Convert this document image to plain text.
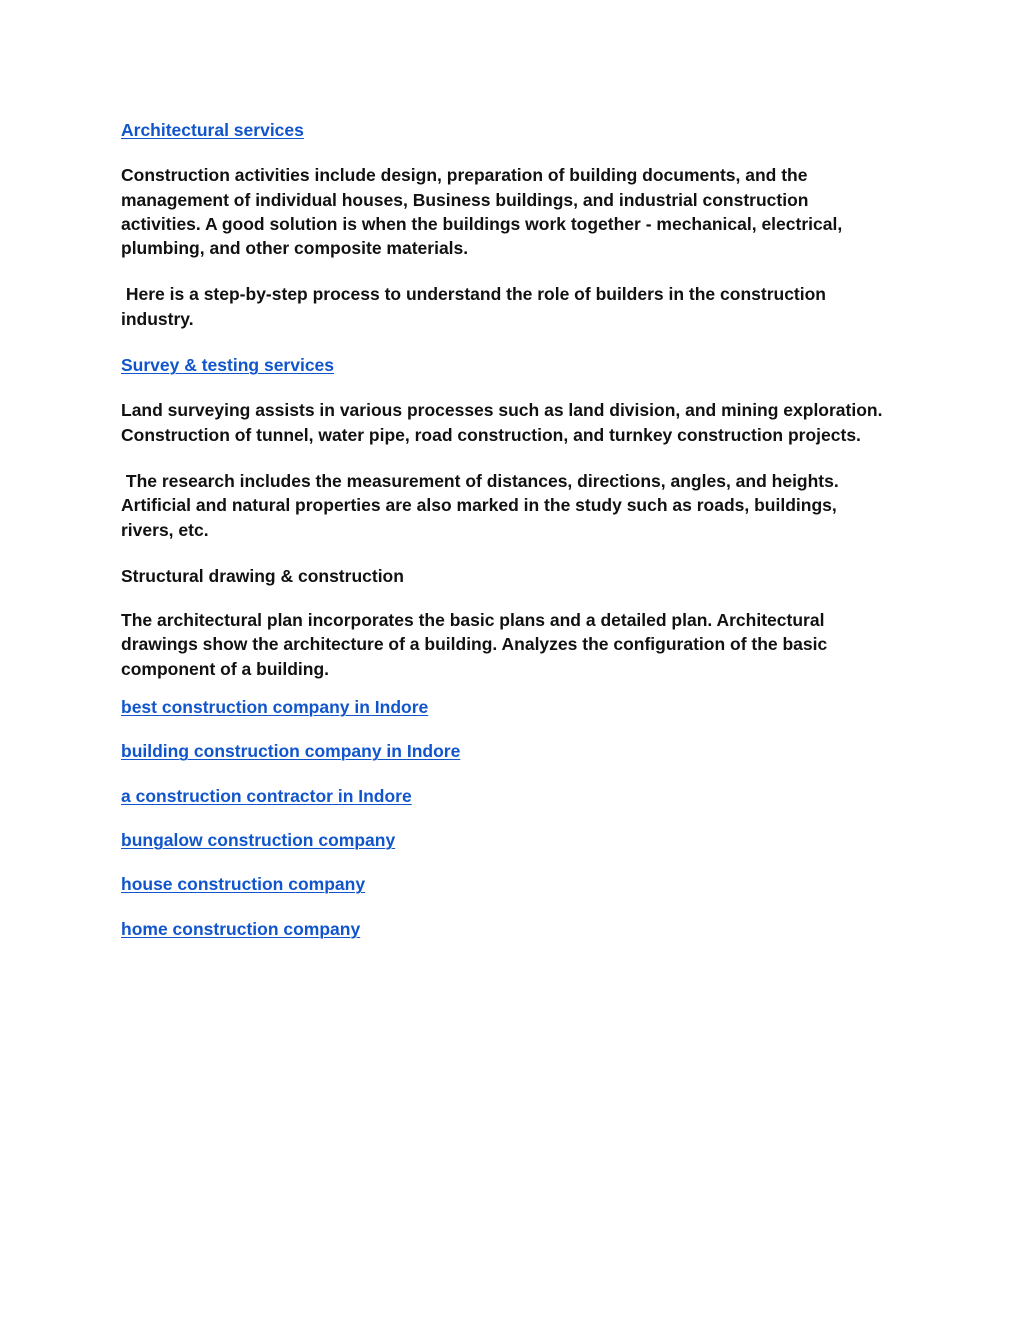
Architectural services

Construction activities include design, preparation of building documents, and the management of individual houses, Business buildings, and industrial construction activities. A good solution is when the buildings work together - mechanical, electrical, plumbing, and other composite materials.

Here is a step-by-step process to understand the role of builders in the construction industry.

Survey & testing services

Land surveying assists in various processes such as land division, and mining exploration. Construction of tunnel, water pipe, road construction, and turnkey construction projects.

The research includes the measurement of distances, directions, angles, and heights. Artificial and natural properties are also marked in the study such as roads, buildings, rivers, etc.

Structural drawing & construction

The architectural plan incorporates the basic plans and a detailed plan. Architectural drawings show the architecture of a building. Analyzes the configuration of the basic component of a building.

best construction company in Indore
building construction company in Indore
a construction contractor in Indore
bungalow construction company
house construction company
home construction company
